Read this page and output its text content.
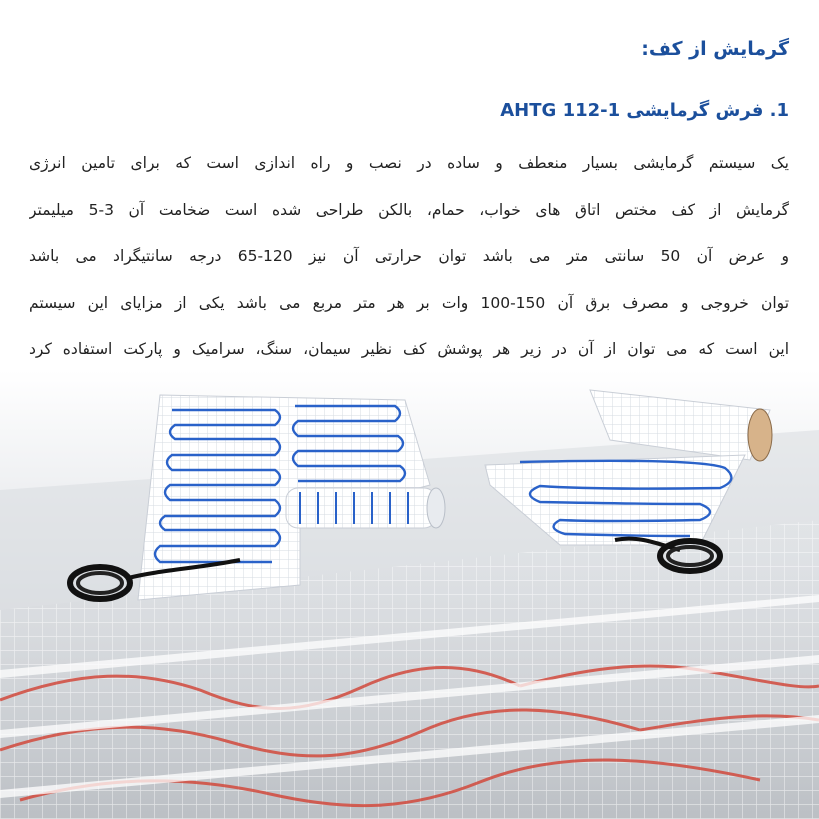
گرمایش از کف:
1. فرش گرمایشی AHTG 112-1
یک سیستم گرمایشی بسیار منعطف و ساده در نصب و راه اندازی است که برای تامین انرژی
گرمایش از کف مختص اتاق های خواب، حمام، بالکن طراحی شده است ضخامت آن 3-5 میلیمتر
و عرض آن 50 سانتی متر می باشد توان حرارتی آن نیز 120-65 درجه سانتیگراد می باشد
توان خروجی و مصرف برق آن 150-100 وات بر هر متر مربع می باشد یکی از مزایای این سیستم
این است که می توان از آن در زیر هر پوشش کف نظیر سیمان، سنگ، سرامیک و پارکت استفاده کرد
